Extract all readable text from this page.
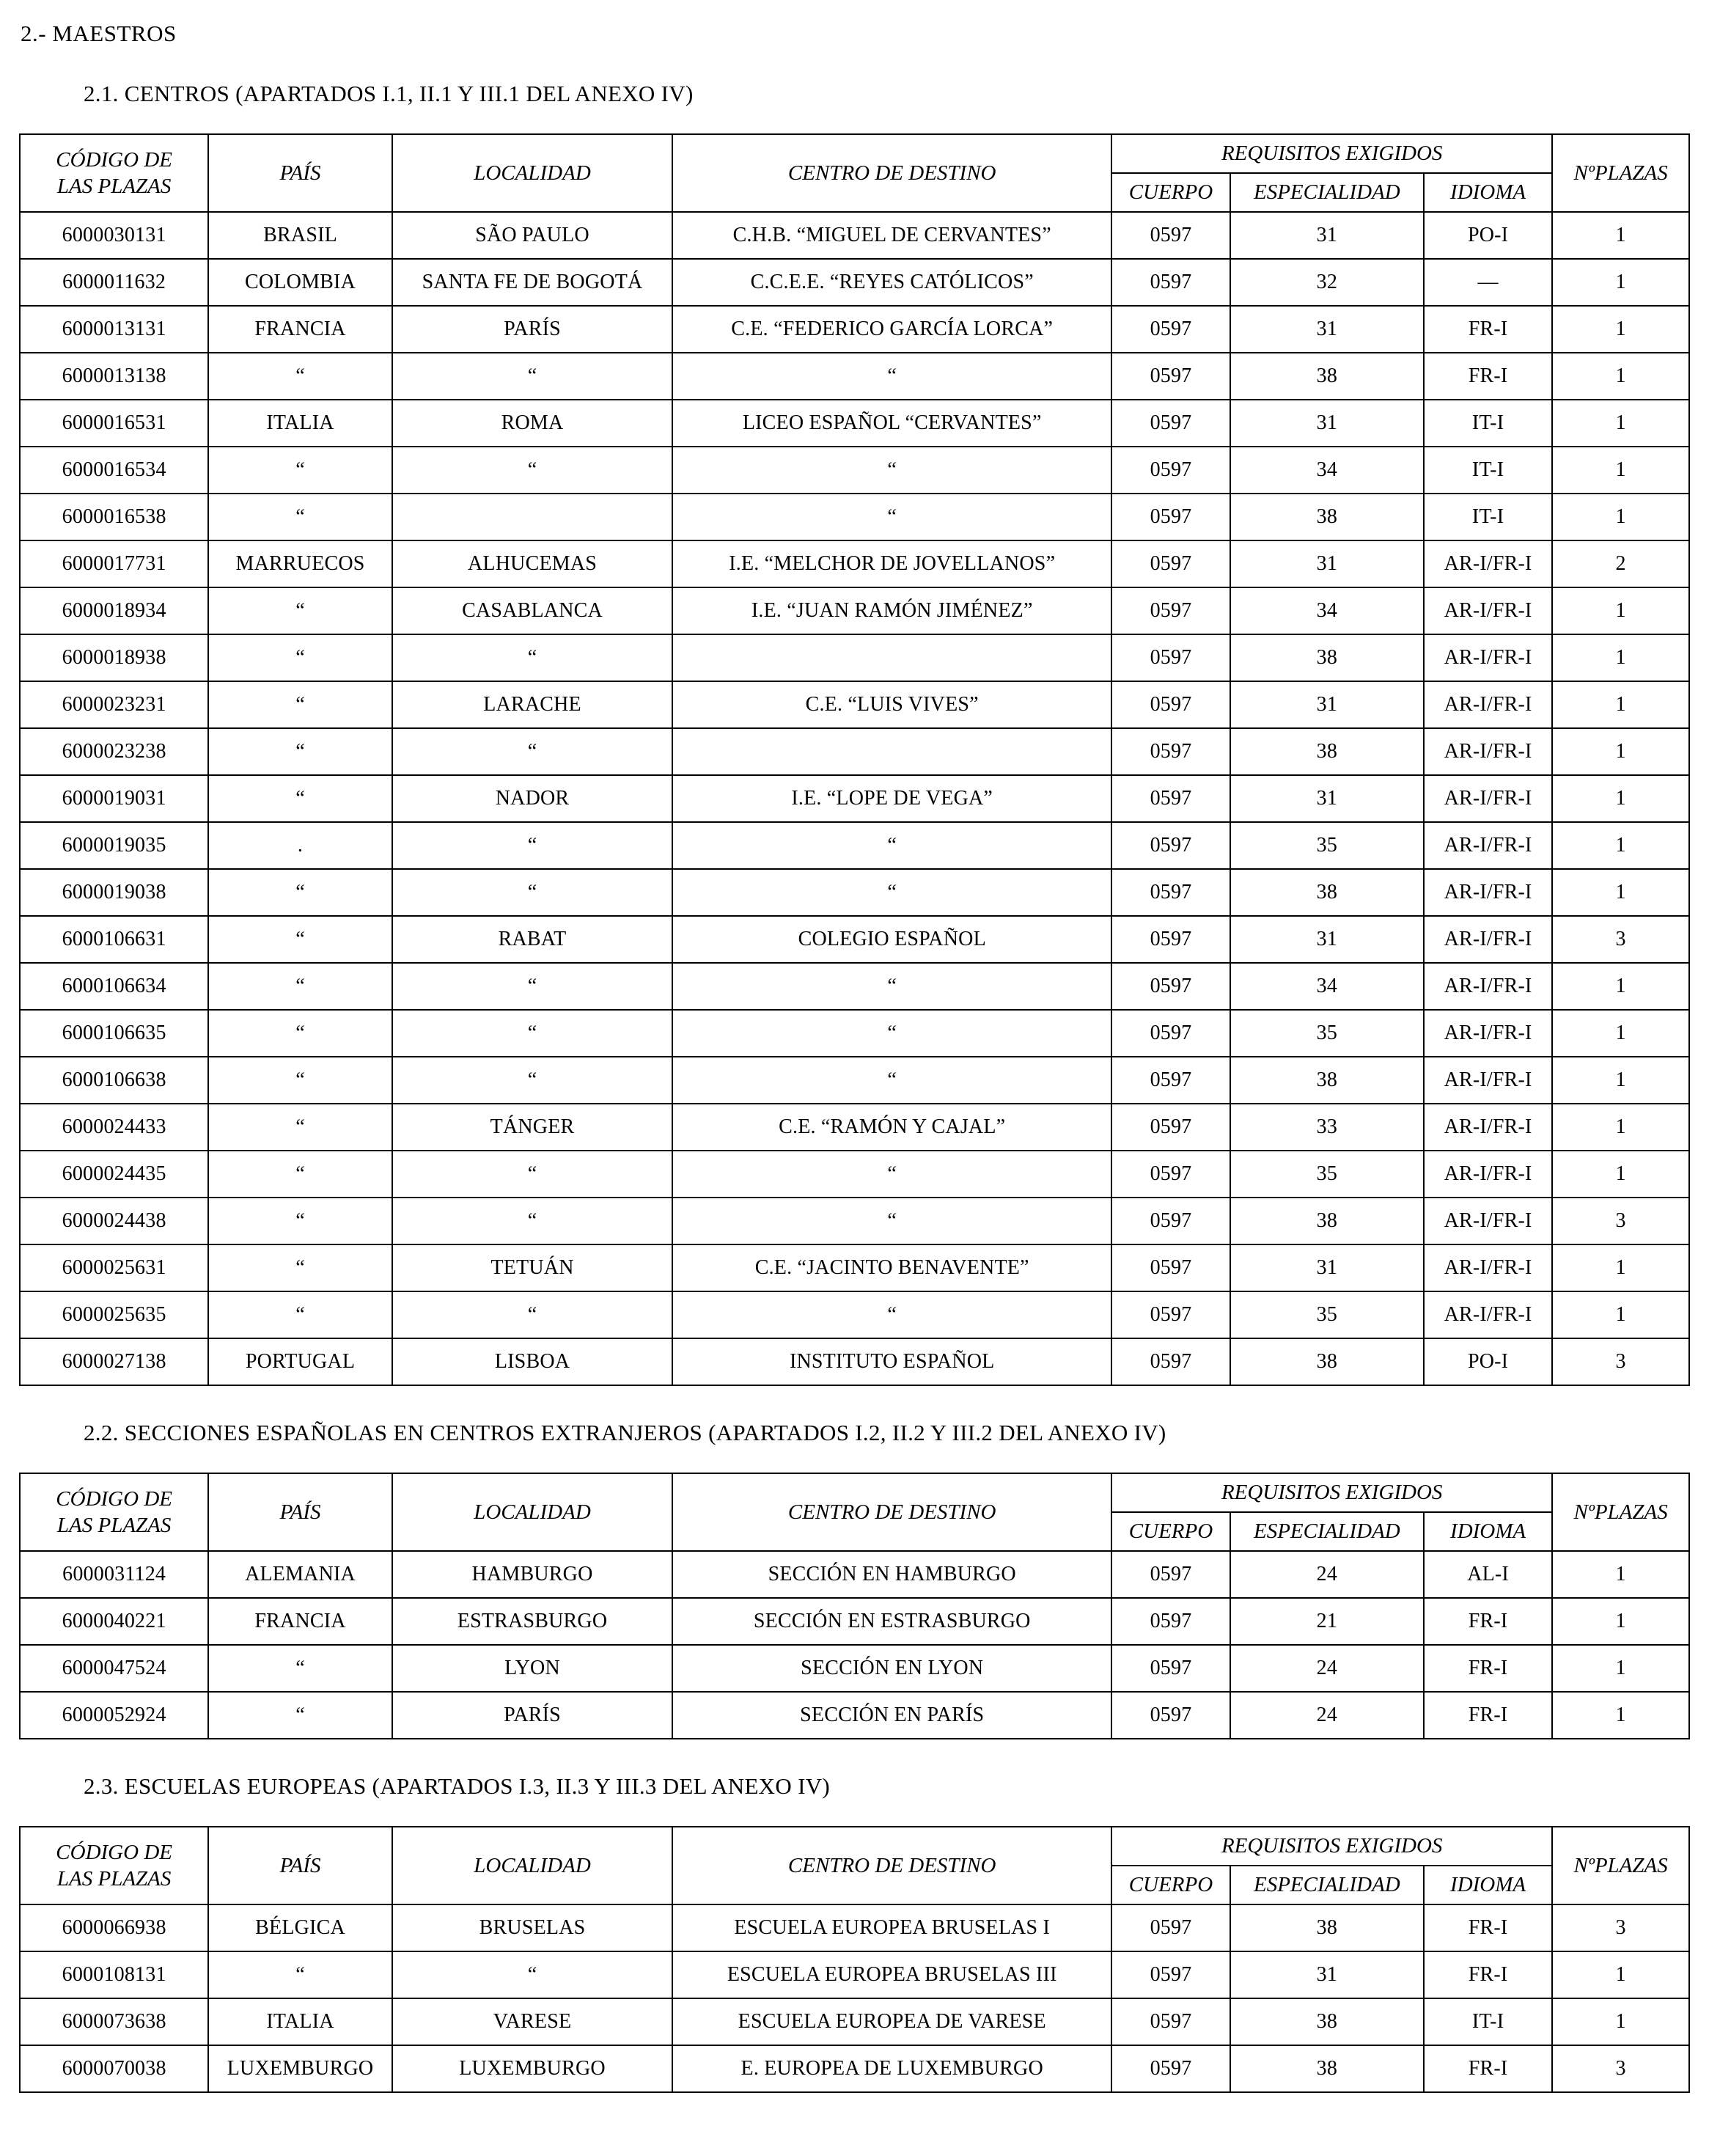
2.- MAESTROS
2.1. CENTROS (APARTADOS I.1, II.1 Y III.1 DEL ANEXO IV)
CÓDIGO DE
LAS PLAZAS	PAÍS	LOCALIDAD	CENTRO DE DESTINO	REQUISITOS EXIGIDOS			NºPLAZAS
				CUERPO	ESPECIALIDAD	IDIOMA	
6000030131	BRASIL	SÃO PAULO	C.H.B. “MIGUEL DE CERVANTES”	0597	31	PO-I	1
6000011632	COLOMBIA	SANTA FE DE BOGOTÁ	C.C.E.E. “REYES CATÓLICOS”	0597	32	—	1
6000013131	FRANCIA	PARÍS	C.E. “FEDERICO GARCÍA LORCA”	0597	31	FR-I	1
6000013138	“	“	“	0597	38	FR-I	1
6000016531	ITALIA	ROMA	LICEO ESPAÑOL “CERVANTES”	0597	31	IT-I	1
6000016534	“	“	“	0597	34	IT-I	1
6000016538	“		“	0597	38	IT-I	1
6000017731	MARRUECOS	ALHUCEMAS	I.E. “MELCHOR DE JOVELLANOS”	0597	31	AR-I/FR-I	2
6000018934	“	CASABLANCA	I.E. “JUAN RAMÓN JIMÉNEZ”	0597	34	AR-I/FR-I	1
6000018938	“	“		0597	38	AR-I/FR-I	1
6000023231	“	LARACHE	C.E. “LUIS VIVES”	0597	31	AR-I/FR-I	1
6000023238	“	“		0597	38	AR-I/FR-I	1
6000019031	“	NADOR	I.E. “LOPE DE VEGA”	0597	31	AR-I/FR-I	1
6000019035	.	“	“	0597	35	AR-I/FR-I	1
6000019038	“	“	“	0597	38	AR-I/FR-I	1
6000106631	“	RABAT	COLEGIO ESPAÑOL	0597	31	AR-I/FR-I	3
6000106634	“	“	“	0597	34	AR-I/FR-I	1
6000106635	“	“	“	0597	35	AR-I/FR-I	1
6000106638	“	“	“	0597	38	AR-I/FR-I	1
6000024433	“	TÁNGER	C.E. “RAMÓN Y CAJAL”	0597	33	AR-I/FR-I	1
6000024435	“	“	“	0597	35	AR-I/FR-I	1
6000024438	“	“	“	0597	38	AR-I/FR-I	3
6000025631	“	TETUÁN	C.E. “JACINTO BENAVENTE”	0597	31	AR-I/FR-I	1
6000025635	“	“	“	0597	35	AR-I/FR-I	1
6000027138	PORTUGAL	LISBOA	INSTITUTO ESPAÑOL	0597	38	PO-I	3
2.2. SECCIONES ESPAÑOLAS EN CENTROS EXTRANJEROS (APARTADOS I.2, II.2 Y III.2 DEL ANEXO IV)
CÓDIGO DE
LAS PLAZAS	PAÍS	LOCALIDAD	CENTRO DE DESTINO	REQUISITOS EXIGIDOS			NºPLAZAS
				CUERPO	ESPECIALIDAD	IDIOMA	
6000031124	ALEMANIA	HAMBURGO	SECCIÓN EN HAMBURGO	0597	24	AL-I	1
6000040221	FRANCIA	ESTRASBURGO	SECCIÓN EN ESTRASBURGO	0597	21	FR-I	1
6000047524	“	LYON	SECCIÓN EN LYON	0597	24	FR-I	1
6000052924	“	PARÍS	SECCIÓN EN PARÍS	0597	24	FR-I	1
2.3. ESCUELAS EUROPEAS (APARTADOS I.3, II.3 Y III.3 DEL ANEXO IV)
CÓDIGO DE
LAS PLAZAS	PAÍS	LOCALIDAD	CENTRO DE DESTINO	REQUISITOS EXIGIDOS			NºPLAZAS
				CUERPO	ESPECIALIDAD	IDIOMA	
6000066938	BÉLGICA	BRUSELAS	ESCUELA EUROPEA BRUSELAS I	0597	38	FR-I	3
6000108131	“	“	ESCUELA EUROPEA BRUSELAS III	0597	31	FR-I	1
6000073638	ITALIA	VARESE	ESCUELA EUROPEA DE VARESE	0597	38	IT-I	1
6000070038	LUXEMBURGO	LUXEMBURGO	E. EUROPEA DE LUXEMBURGO	0597	38	FR-I	3
